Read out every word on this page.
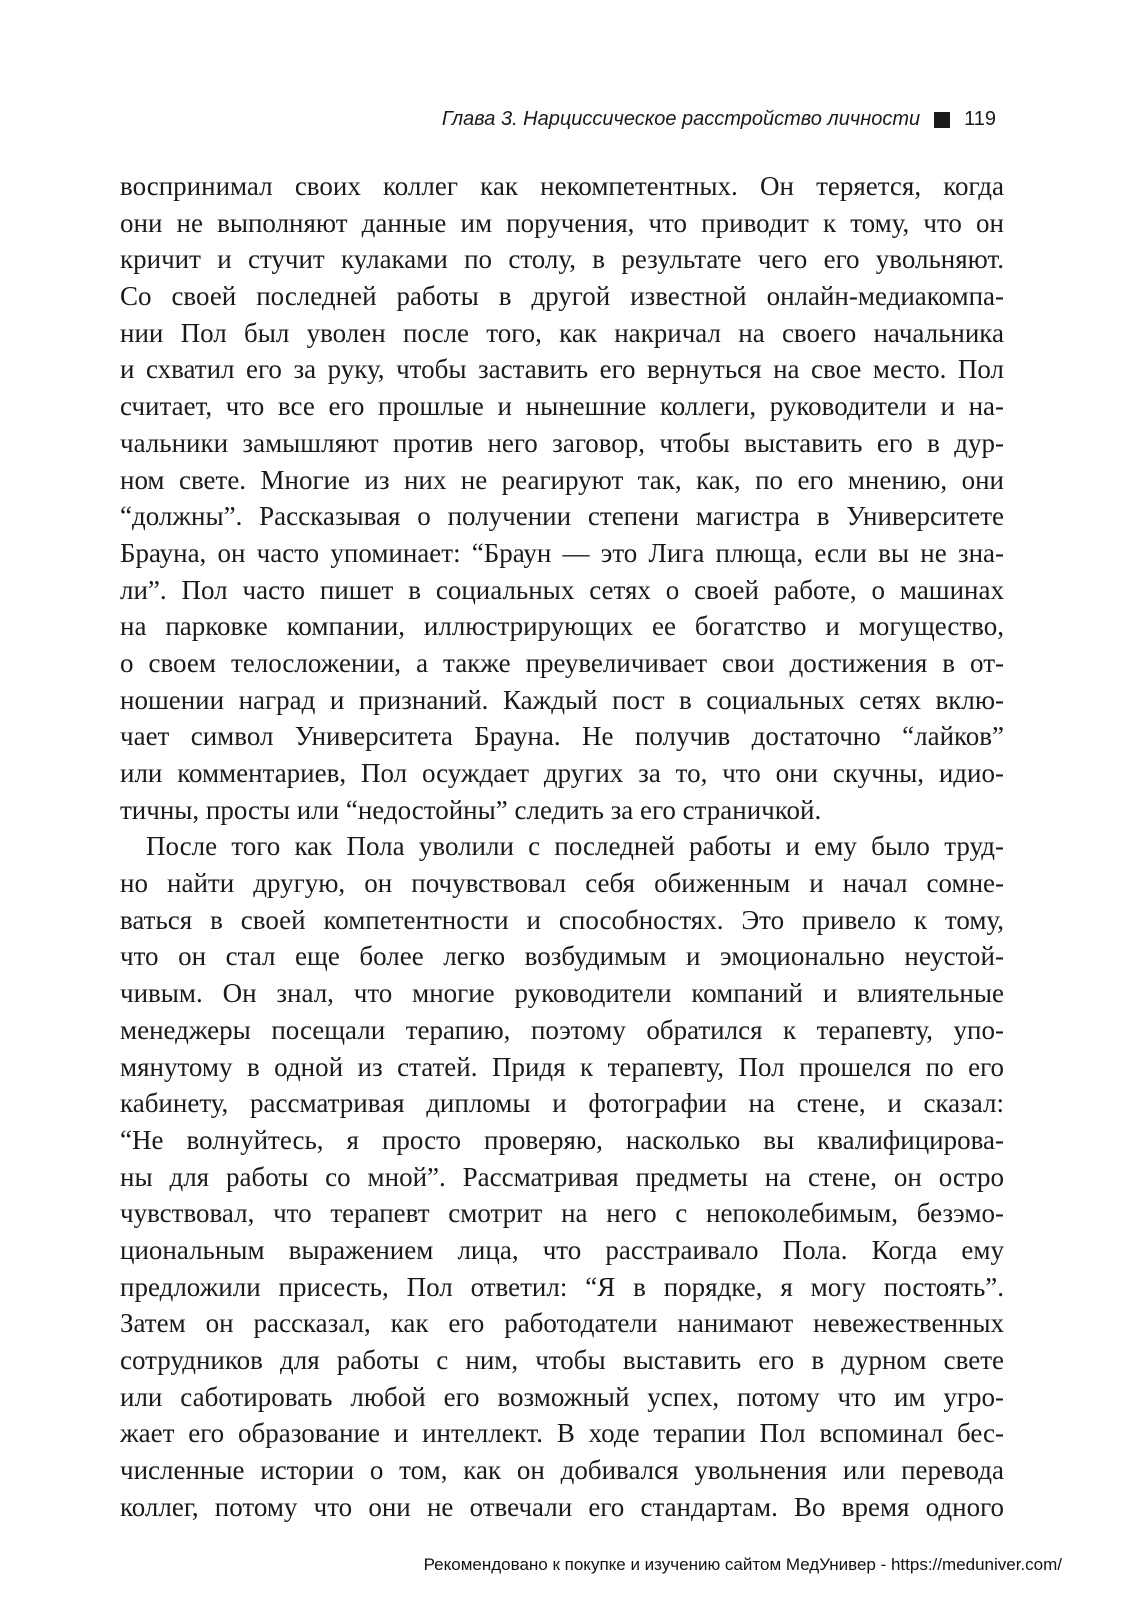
Глава 3. Нарциссическое расстройство личности 119
воспринимал своих коллег как некомпетентных. Он теряется, когда
они не выполняют данные им поручения, что приводит к тому, что он
кричит и стучит кулаками по столу, в результате чего его увольняют.
Со своей последней работы в другой известной онлайн-медиакомпа-
нии Пол был уволен после того, как накричал на своего начальника
и схватил его за руку, чтобы заставить его вернуться на свое место. Пол
считает, что все его прошлые и нынешние коллеги, руководители и на-
чальники замышляют против него заговор, чтобы выставить его в дур-
ном свете. Многие из них не реагируют так, как, по его мнению, они
“должны”. Рассказывая о получении степени магистра в Университете
Брауна, он часто упоминает: “Браун — это Лига плюща, если вы не зна-
ли”. Пол часто пишет в социальных сетях о своей работе, о машинах
на парковке компании, иллюстрирующих ее богатство и могущество,
о своем телосложении, а также преувеличивает свои достижения в от-
ношении наград и признаний. Каждый пост в социальных сетях вклю-
чает символ Университета Брауна. Не получив достаточно “лайков”
или комментариев, Пол осуждает других за то, что они скучны, идио-
тичны, просты или “недостойны” следить за его страничкой.
После того как Пола уволили с последней работы и ему было труд-
но найти другую, он почувствовал себя обиженным и начал сомне-
ваться в своей компетентности и способностях. Это привело к тому,
что он стал еще более легко возбудимым и эмоционально неустой-
чивым. Он знал, что многие руководители компаний и влиятельные
менеджеры посещали терапию, поэтому обратился к терапевту, упо-
мянутому в одной из статей. Придя к терапевту, Пол прошелся по его
кабинету, рассматривая дипломы и фотографии на стене, и сказал:
“Не волнуйтесь, я просто проверяю, насколько вы квалифицирова-
ны для работы со мной”. Рассматривая предметы на стене, он остро
чувствовал, что терапевт смотрит на него с непоколебимым, безэмо-
циональным выражением лица, что расстраивало Пола. Когда ему
предложили присесть, Пол ответил: “Я в порядке, я могу постоять”.
Затем он рассказал, как его работодатели нанимают невежественных
сотрудников для работы с ним, чтобы выставить его в дурном свете
или саботировать любой его возможный успех, потому что им угро-
жает его образование и интеллект. В ходе терапии Пол вспоминал бес-
численные истории о том, как он добивался увольнения или перевода
коллег, потому что они не отвечали его стандартам. Во время одного
Рекомендовано к покупке и изучению сайтом МедУнивер - https://meduniver.com/
